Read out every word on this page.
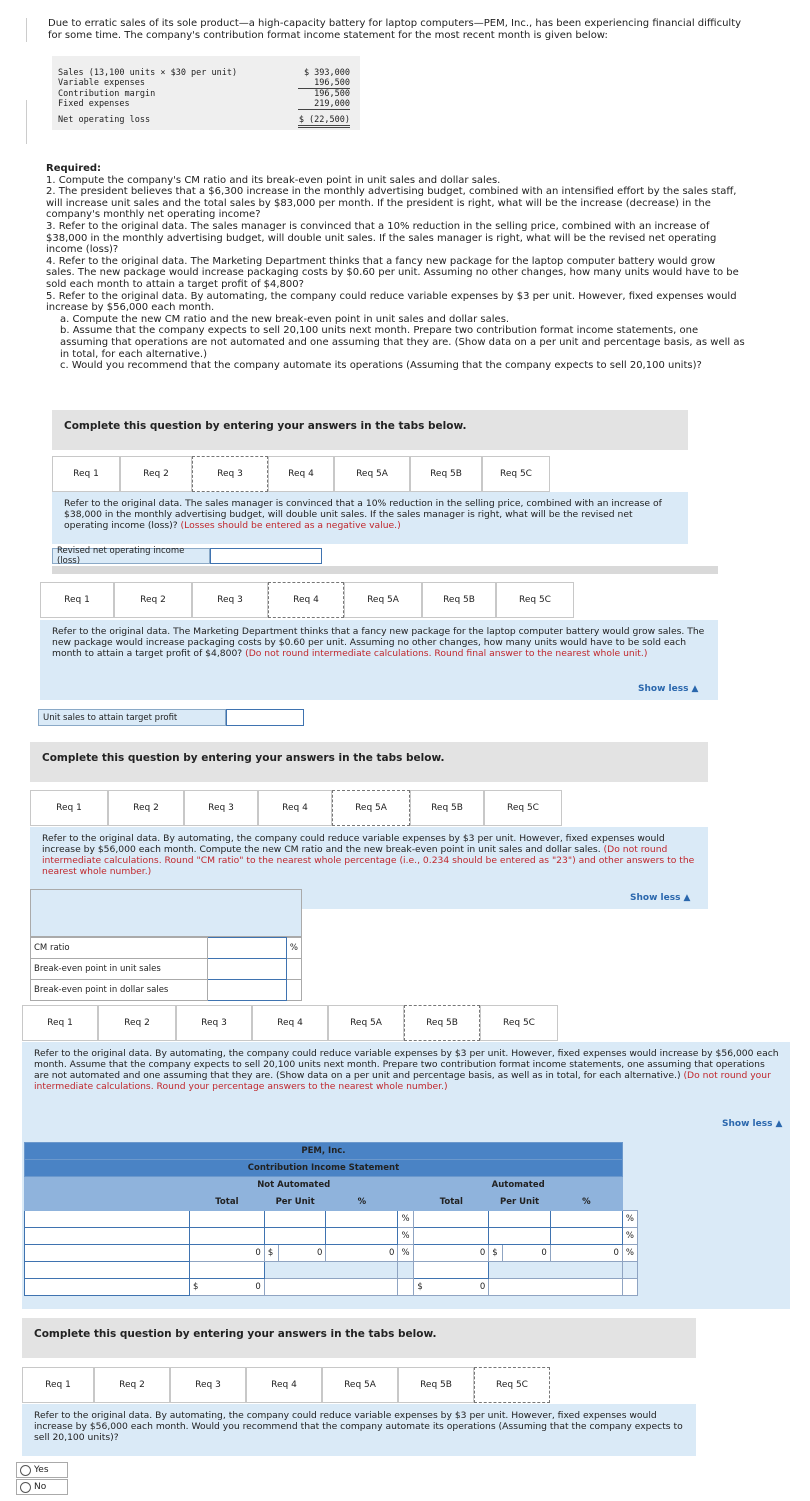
Due to erratic sales of its sole product—a high-capacity battery for laptop computers—PEM, Inc., has been experiencing financial difficulty for some time. The company's contribution format income statement for the most recent month is given below:
Sales (13,100 units × $30 per unit)	$ 393,000
Variable expenses	196,500
Contribution margin	196,500
Fixed expenses	219,000
Net operating loss	$ (22,500)

Required:

1. Compute the company's CM ratio and its break-even point in unit sales and dollar sales.

2. The president believes that a $6,300 increase in the monthly advertising budget, combined with an intensified effort by the sales staff, will increase unit sales and the total sales by $83,000 per month. If the president is right, what will be the increase (decrease) in the company's monthly net operating income?

3. Refer to the original data. The sales manager is convinced that a 10% reduction in the selling price, combined with an increase of $38,000 in the monthly advertising budget, will double unit sales. If the sales manager is right, what will be the revised net operating income (loss)?

4. Refer to the original data. The Marketing Department thinks that a fancy new package for the laptop computer battery would grow sales. The new package would increase packaging costs by $0.60 per unit. Assuming no other changes, how many units would have to be sold each month to attain a target profit of $4,800?

5. Refer to the original data. By automating, the company could reduce variable expenses by $3 per unit. However, fixed expenses would increase by $56,000 each month.

a. Compute the new CM ratio and the new break-even point in unit sales and dollar sales.

b. Assume that the company expects to sell 20,100 units next month. Prepare two contribution format income statements, one assuming that operations are not automated and one assuming that they are. (Show data on a per unit and percentage basis, as well as in total, for each alternative.)

c. Would you recommend that the company automate its operations (Assuming that the company expects to sell 20,100 units)?

Complete this question by entering your answers in the tabs below.
Req 1	Req 2	Req 3	Req 4	Req 5A	Req 5B	Req 5C
Refer to the original data. The sales manager is convinced that a 10% reduction in the selling price, combined with an increase of $38,000 in the monthly advertising budget, will double unit sales. If the sales manager is right, what will be the revised net operating income (loss)? (Losses should be entered as a negative value.)
Revised net operating income (loss)
Req 1	Req 2	Req 3	Req 4	Req 5A	Req 5B	Req 5C
Refer to the original data. The Marketing Department thinks that a fancy new package for the laptop computer battery would grow sales. The new package would increase packaging costs by $0.60 per unit. Assuming no other changes, how many units would have to be sold each month to attain a target profit of $4,800? (Do not round intermediate calculations. Round final answer to the nearest whole unit.)
Show less ▲
Unit sales to attain target profit
Complete this question by entering your answers in the tabs below.
Req 1	Req 2	Req 3	Req 4	Req 5A	Req 5B	Req 5C
Refer to the original data. By automating, the company could reduce variable expenses by $3 per unit. However, fixed expenses would increase by $56,000 each month. Compute the new CM ratio and the new break-even point in unit sales and dollar sales. (Do not round intermediate calculations. Round "CM ratio" to the nearest whole percentage (i.e., 0.234 should be entered as "23") and other answers to the nearest whole number.)
Show less ▲
CM ratio		%
Break-even point in unit sales		
Break-even point in dollar sales		
Req 1	Req 2	Req 3	Req 4	Req 5A	Req 5B	Req 5C
Refer to the original data. By automating, the company could reduce variable expenses by $3 per unit. However, fixed expenses would increase by $56,000 each month. Assume that the company expects to sell 20,100 units next month. Prepare two contribution format income statements, one assuming that operations are not automated and one assuming that they are. (Show data on a per unit and percentage basis, as well as in total, for each alternative.) (Do not round your intermediate calculations. Round your percentage answers to the nearest whole number.)
Show less ▲
PEM, Inc.										
Contribution Income Statement										
	Not Automated					Automated				
	Total	Per Unit		%		Total	Per Unit		%	
					%					%
					%					%
	0	$	0	0	%	0	$	0	0	%

	$ 0					$ 0				

Complete this question by entering your answers in the tabs below.
Req 1	Req 2	Req 3	Req 4	Req 5A	Req 5B	Req 5C
Refer to the original data. By automating, the company could reduce variable expenses by $3 per unit. However, fixed expenses would increase by $56,000 each month. Would you recommend that the company automate its operations (Assuming that the company expects to sell 20,100 units)?
Yes
No
